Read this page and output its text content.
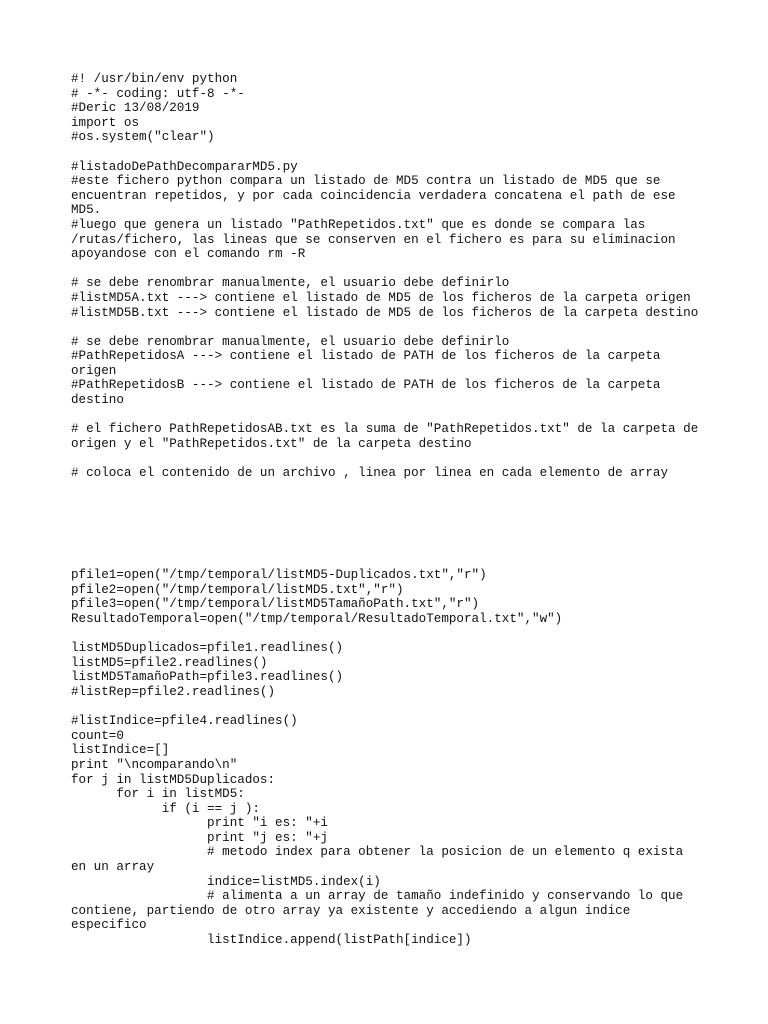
#! /usr/bin/env python
# -*- coding: utf-8 -*-
#Deric 13/08/2019
import os
#os.system("clear")
#listadoDePathDecompararMD5.py
#este fichero python compara un listado de MD5 contra un listado de MD5 que se
encuentran repetidos, y por cada coincidencia verdadera concatena el path de ese
MD5.
#luego que genera un listado "PathRepetidos.txt" que es donde se compara las
/rutas/fichero, las lineas que se conserven en el fichero es para su eliminacion
apoyandose con el comando rm -R
# se debe renombrar manualmente, el usuario debe definirlo
#listMD5A.txt ---> contiene el listado de MD5 de los ficheros de la carpeta origen
#listMD5B.txt ---> contiene el listado de MD5 de los ficheros de la carpeta destino
# se debe renombrar manualmente, el usuario debe definirlo
#PathRepetidosA ---> contiene el listado de PATH de los ficheros de la carpeta
origen
#PathRepetidosB ---> contiene el listado de PATH de los ficheros de la carpeta
destino
# el fichero PathRepetidosAB.txt es la suma de "PathRepetidos.txt" de la carpeta de
origen y el "PathRepetidos.txt" de la carpeta destino
# coloca el contenido de un archivo , linea por linea en cada elemento de array
pfile1=open("/tmp/temporal/listMD5-Duplicados.txt","r")
pfile2=open("/tmp/temporal/listMD5.txt","r")
pfile3=open("/tmp/temporal/listMD5TamañoPath.txt","r")
ResultadoTemporal=open("/tmp/temporal/ResultadoTemporal.txt","w")
listMD5Duplicados=pfile1.readlines()
listMD5=pfile2.readlines()
listMD5TamañoPath=pfile3.readlines()
#listRep=pfile2.readlines()
#listIndice=pfile4.readlines()
count=0
listIndice=[]
print "\ncomparando\n"
for j in listMD5Duplicados:
for i in listMD5:
if (i == j ):
print "i es: "+i
print "j es: "+j
# metodo index para obtener la posicion de un elemento q exista
en un array
indice=listMD5.index(i)
# alimenta a un array de tamaño indefinido y conservando lo que
contiene, partiendo de otro array ya existente y accediendo a algun indice
especifico
listIndice.append(listPath[indice])
